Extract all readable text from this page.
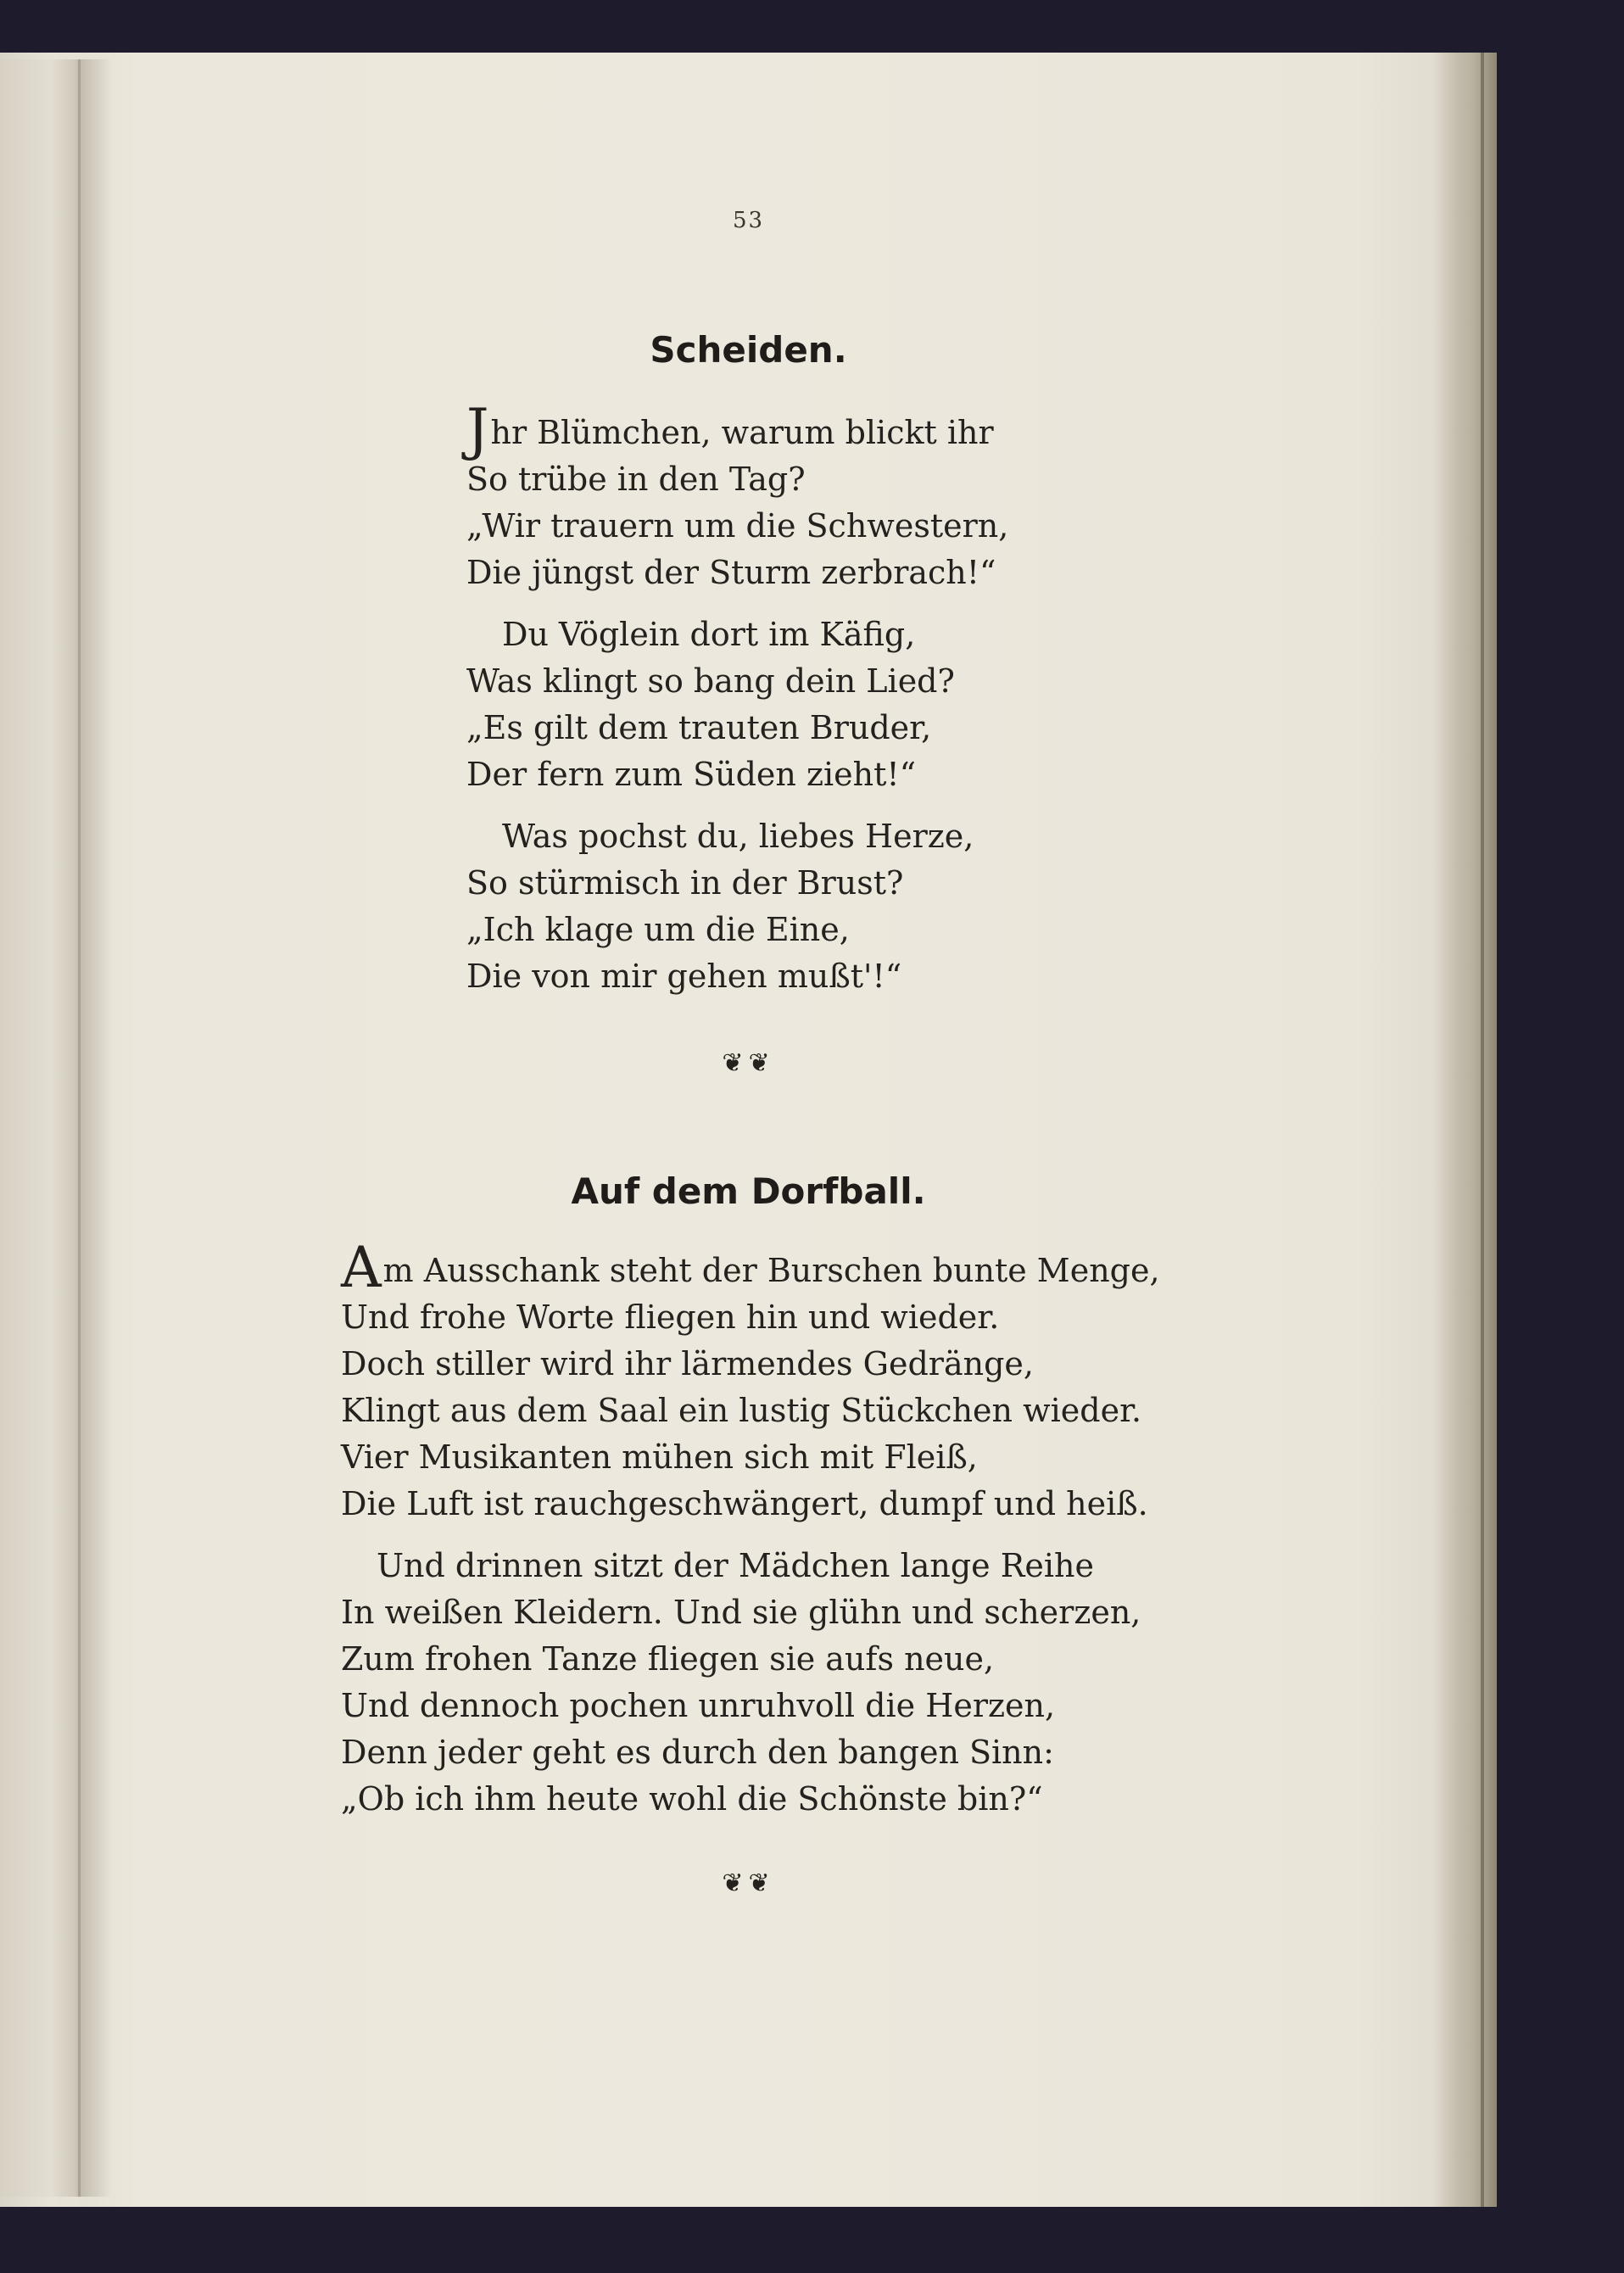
53
Scheiden.
Jhr Blümchen, warum blickt ihr
So trübe in den Tag?
„Wir trauern um die Schwestern,
Die jüngst der Sturm zerbrach!“
Du Vöglein dort im Käfig,
Was klingt so bang dein Lied?
„Es gilt dem trauten Bruder,
Der fern zum Süden zieht!“
Was pochst du, liebes Herze,
So stürmisch in der Brust?
„Ich klage um die Eine,
Die von mir gehen mußt'!“
❦❦
Auf dem Dorfball.
Am Ausschank steht der Burschen bunte Menge,
Und frohe Worte fliegen hin und wieder.
Doch stiller wird ihr lärmendes Gedränge,
Klingt aus dem Saal ein lustig Stückchen wieder.
Vier Musikanten mühen sich mit Fleiß,
Die Luft ist rauchgeschwängert, dumpf und heiß.
Und drinnen sitzt der Mädchen lange Reihe
In weißen Kleidern. Und sie glühn und scherzen,
Zum frohen Tanze fliegen sie aufs neue,
Und dennoch pochen unruhvoll die Herzen,
Denn jeder geht es durch den bangen Sinn:
„Ob ich ihm heute wohl die Schönste bin?“
❦❦
